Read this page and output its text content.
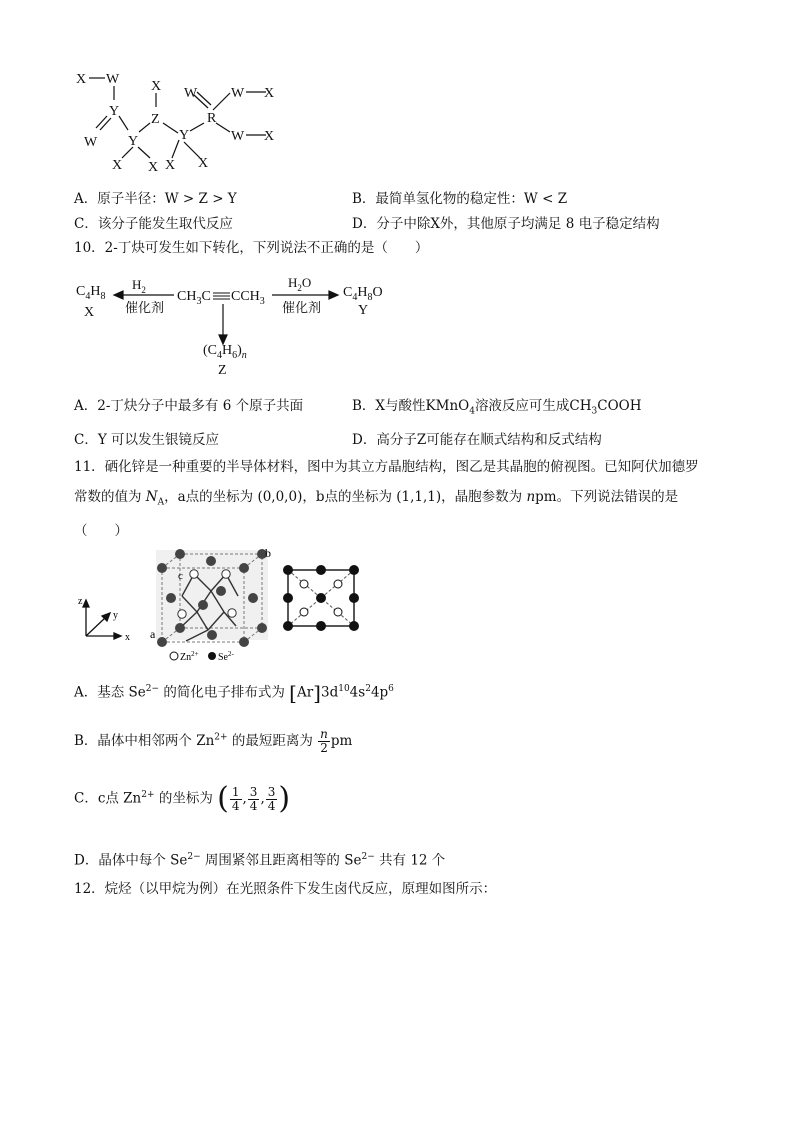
X W
Y
W Y
X X
Z
X
Y
X
W
R
W X
X
W X
A．原子半径：W > Z > Y	B．最简单氢化物的稳定性：W < Z
C．该分子能发生取代反应	D．分子中除X外，其他原子均满足 8 电子稳定结构
10．2-丁炔可发生如下转化，下列说法不正确的是（　　）
$C_4H_8$
X
$H_2$
催化剂
$CH_3C$ $CCH_3$
$H_2O$
催化剂
$C_4H_8O$
Y
$(C_4H_6)_n$
Z
A．2-丁炔分子中最多有 6 个原子共面	B．X与酸性KMnO$_4$溶液反应可生成$CH_3COOH$
C．Y 可以发生银镜反应	D．高分子Z可能存在顺式结构和反式结构
11．硒化锌是一种重要的半导体材料，图中为其立方晶胞结构，图乙是其晶胞的俯视图。已知阿伏加德罗
常数的值为 $N_A$，a点的坐标为 (0,0,0)，b点的坐标为 (1,1,1)，晶胞参数为 npm。下列说法错误的是
（　　）
z
y
x a
b
c
$Zn^{2+}$ $Se^{2-}$
A．基态 $Se^{2-}$ 的简化电子排布式为 $[Ar]3d^{10}4s^24p^6$
B．晶体中相邻两个 $Zn^{2+}$ 的最短距离为 $\frac{n}{2}$ pm
C．c点 $Zn^{2+}$ 的坐标为 ( $\frac{1}{4}$ , $\frac{3}{4}$ , $\frac{3}{4}$ )
D．晶体中每个 $Se^{2-}$ 周围紧邻且距离相等的 $Se^{2-}$ 共有 12 个
12．烷烃（以甲烷为例）在光照条件下发生卤代反应，原理如图所示：
